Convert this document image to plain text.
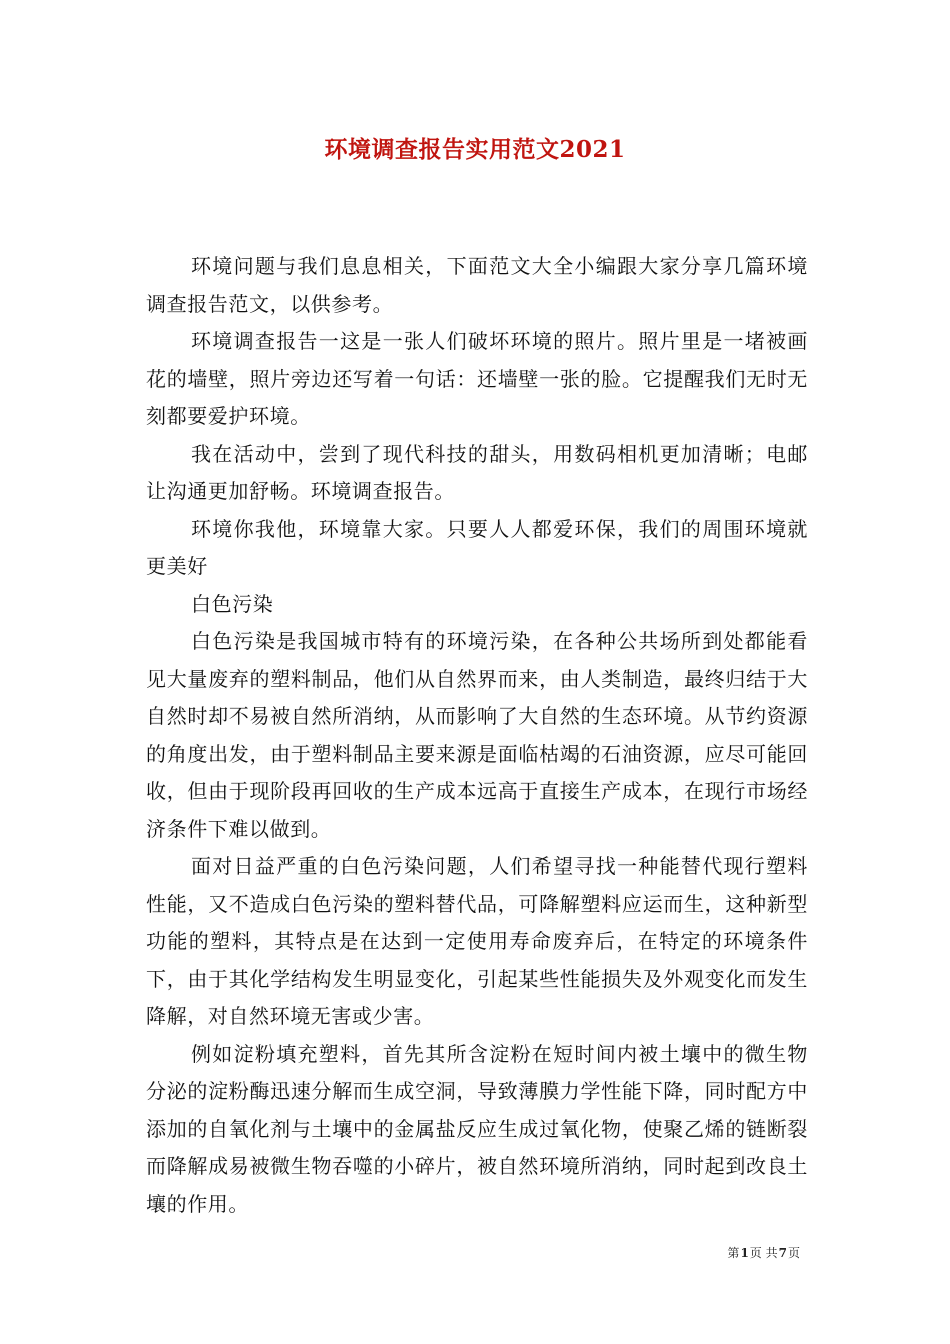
环境调查报告实用范文2021

环境问题与我们息息相关，下面范文大全小编跟大家分享几篇环境调查报告范文，以供参考。

环境调查报告一这是一张人们破坏环境的照片。照片里是一堵被画花的墙壁，照片旁边还写着一句话：还墙壁一张的脸。它提醒我们无时无刻都要爱护环境。

我在活动中，尝到了现代科技的甜头，用数码相机更加清晰；电邮让沟通更加舒畅。环境调查报告。

环境你我他，环境靠大家。只要人人都爱环保，我们的周围环境就更美好

白色污染

白色污染是我国城市特有的环境污染，在各种公共场所到处都能看见大量废弃的塑料制品，他们从自然界而来，由人类制造，最终归结于大自然时却不易被自然所消纳，从而影响了大自然的生态环境。从节约资源的角度出发，由于塑料制品主要来源是面临枯竭的石油资源，应尽可能回收，但由于现阶段再回收的生产成本远高于直接生产成本，在现行市场经济条件下难以做到。

面对日益严重的白色污染问题，人们希望寻找一种能替代现行塑料性能，又不造成白色污染的塑料替代品，可降解塑料应运而生，这种新型功能的塑料，其特点是在达到一定使用寿命废弃后，在特定的环境条件下，由于其化学结构发生明显变化，引起某些性能损失及外观变化而发生降解，对自然环境无害或少害。

例如淀粉填充塑料，首先其所含淀粉在短时间内被土壤中的微生物分泌的淀粉酶迅速分解而生成空洞，导致薄膜力学性能下降，同时配方中添加的自氧化剂与土壤中的金属盐反应生成过氧化物，使聚乙烯的链断裂而降解成易被微生物吞噬的小碎片，被自然环境所消纳，同时起到改良土壤的作用。

第1页 共7页
